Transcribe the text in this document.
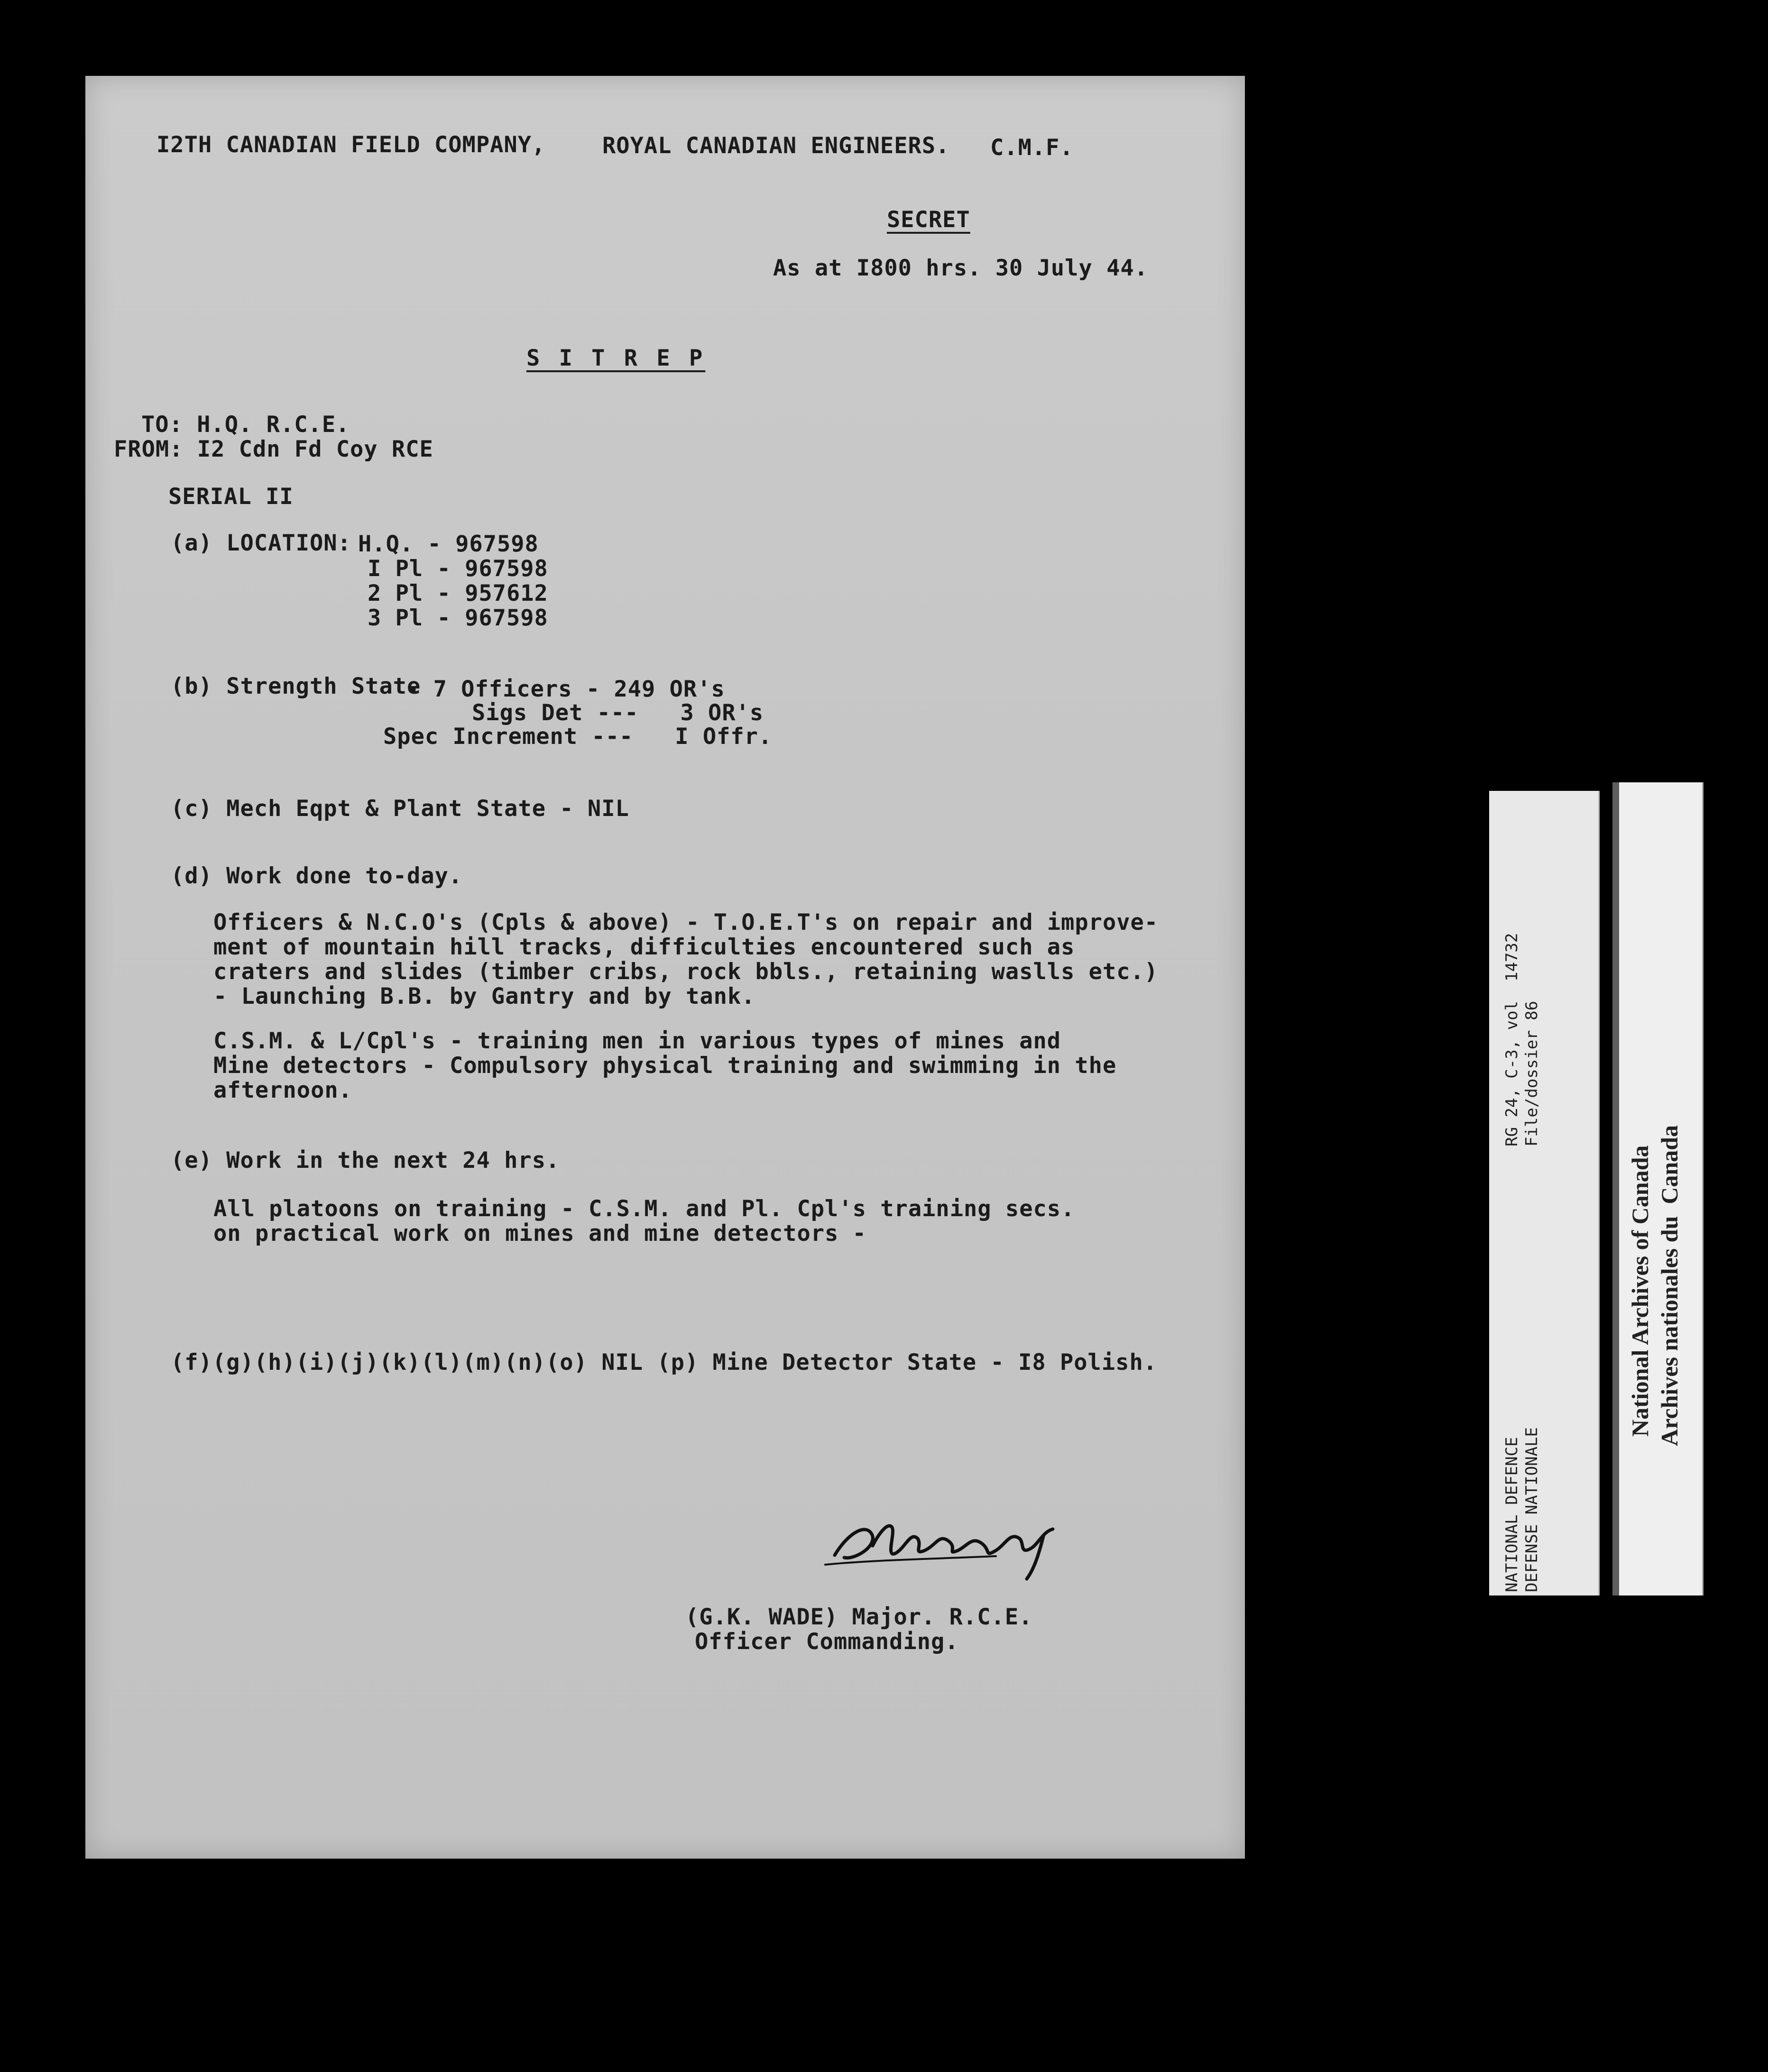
I2TH CANADIAN FIELD COMPANY,	ROYAL CANADIAN ENGINEERS. C.M.F.
SECRET
As at I800 hrs. 30 July 44.
S I T R E P
TO: H.Q. R.C.E.
FROM: I2 Cdn Fd Coy RCE
SERIAL II
(a) LOCATION: H.Q. - 967598
I Pl - 967598
2 Pl - 957612
3 Pl - 967598
(b) Strength State
- 7 Officers - 249 OR's
Sigs Det ---   3 OR's
Spec Increment ---   I Offr.
(c) Mech Eqpt & Plant State - NIL
(d) Work done to-day.
Officers & N.C.O's (Cpls & above) - T.O.E.T's on repair and improve-
ment of mountain hill tracks, difficulties encountered such as
craters and slides (timber cribs, rock bbls., retaining waslls etc.)
- Launching B.B. by Gantry and by tank.
C.S.M. & L/Cpl's - training men in various types of mines and
Mine detectors - Compulsory physical training and swimming in the
afternoon.
(e) Work in the next 24 hrs.
All platoons on training - C.S.M. and Pl. Cpl's training secs.
on practical work on mines and mine detectors -
(f)(g)(h)(i)(j)(k)(l)(m)(n)(o) NIL (p) Mine Detector State - I8 Polish.
(G.K. WADE) Major. R.C.E.
Officer Commanding.
RG 24, C-3, vol  14732 File/dossier 86
NATIONAL DEFENCE DEFENSE NATIONALE
National Archives of Canada Archives nationales du  Canada
